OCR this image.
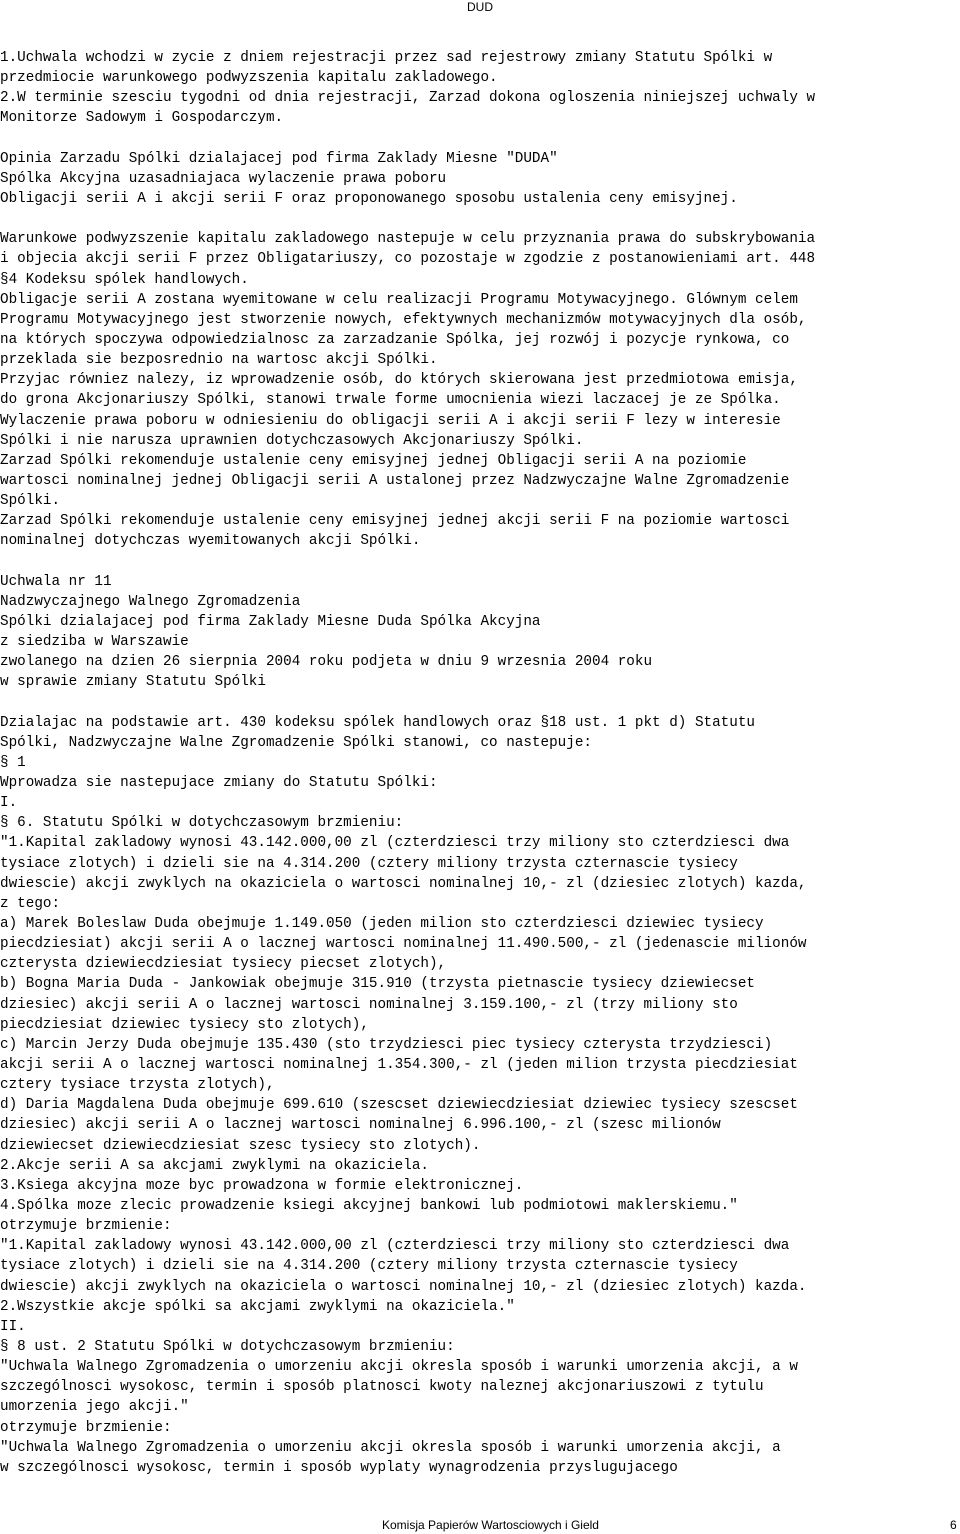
DUD
1.Uchwala wchodzi w zycie z dniem rejestracji przez sad rejestrowy zmiany Statutu Spólki w
przedmiocie warunkowego podwyzszenia kapitalu zakladowego.
2.W terminie szesciu tygodni od dnia rejestracji, Zarzad dokona ogloszenia niniejszej uchwaly w
Monitorze Sadowym i Gospodarczym.
Opinia Zarzadu Spólki dzialajacej pod firma Zaklady Miesne "DUDA"
Spólka Akcyjna uzasadniajaca wylaczenie prawa poboru
Obligacji serii A i akcji serii F oraz proponowanego sposobu ustalenia ceny emisyjnej.
Warunkowe podwyzszenie kapitalu zakladowego nastepuje w celu przyznania prawa do subskrybowania
i objecia akcji serii F przez Obligatariuszy, co pozostaje w zgodzie z postanowieniami art. 448
§4 Kodeksu spólek handlowych.
Obligacje serii A zostana wyemitowane w celu realizacji Programu Motywacyjnego. Glównym celem
Programu Motywacyjnego jest stworzenie nowych, efektywnych mechanizmów motywacyjnych dla osób,
na których spoczywa odpowiedzialnosc za zarzadzanie Spólka, jej rozwój i pozycje rynkowa, co
przeklada sie bezposrednio na wartosc akcji Spólki.
Przyjac równiez nalezy, iz wprowadzenie osób, do których skierowana jest przedmiotowa emisja,
do grona Akcjonariuszy Spólki, stanowi trwale forme umocnienia wiezi laczacej je ze Spólka.
Wylaczenie prawa poboru w odniesieniu do obligacji serii A i akcji serii F lezy w interesie
Spólki i nie narusza uprawnien dotychczasowych Akcjonariuszy Spólki.
Zarzad Spólki rekomenduje ustalenie ceny emisyjnej jednej Obligacji serii A na poziomie
wartosci nominalnej jednej Obligacji serii A ustalonej przez Nadzwyczajne Walne Zgromadzenie
Spólki.
Zarzad Spólki rekomenduje ustalenie ceny emisyjnej jednej akcji serii F na poziomie wartosci
nominalnej dotychczas wyemitowanych akcji Spólki.
Uchwala nr 11
Nadzwyczajnego Walnego Zgromadzenia
Spólki dzialajacej pod firma Zaklady Miesne Duda Spólka Akcyjna
z siedziba w Warszawie
zwolanego na dzien 26 sierpnia 2004 roku podjeta w dniu 9 wrzesnia 2004 roku
w sprawie zmiany Statutu Spólki
Dzialajac na podstawie art. 430 kodeksu spólek handlowych oraz §18 ust. 1 pkt d) Statutu
Spólki, Nadzwyczajne Walne Zgromadzenie Spólki stanowi, co nastepuje:
§ 1
Wprowadza sie nastepujace zmiany do Statutu Spólki:
I.
§ 6. Statutu Spólki w dotychczasowym brzmieniu:
"1.Kapital zakladowy wynosi 43.142.000,00 zl (czterdziesci trzy miliony sto czterdziesci dwa
tysiace zlotych) i dzieli sie na 4.314.200 (cztery miliony trzysta czternascie tysiecy
dwiescie) akcji zwyklych na okaziciela o wartosci nominalnej 10,- zl (dziesiec zlotych) kazda,
z tego:
a) Marek Boleslaw Duda obejmuje 1.149.050 (jeden milion sto czterdziesci dziewiec tysiecy
piecdziesiat) akcji serii A o lacznej wartosci nominalnej 11.490.500,- zl (jedenascie milionów
czterysta dziewiecdziesiat tysiecy piecset zlotych),
b) Bogna Maria Duda - Jankowiak obejmuje 315.910 (trzysta pietnascie tysiecy dziewiecset
dziesiec) akcji serii A o lacznej wartosci nominalnej 3.159.100,- zl (trzy miliony sto
piecdziesiat dziewiec tysiecy sto zlotych),
c) Marcin Jerzy Duda obejmuje 135.430 (sto trzydziesci piec tysiecy czterysta trzydziesci)
akcji serii A o lacznej wartosci nominalnej 1.354.300,- zl (jeden milion trzysta piecdziesiat
cztery tysiace trzysta zlotych),
d) Daria Magdalena Duda obejmuje 699.610 (szescset dziewiecdziesiat dziewiec tysiecy szescset
dziesiec) akcji serii A o lacznej wartosci nominalnej 6.996.100,- zl (szesc milionów
dziewiecset dziewiecdziesiat szesc tysiecy sto zlotych).
2.Akcje serii A sa akcjami zwyklymi na okaziciela.
3.Ksiega akcyjna moze byc prowadzona w formie elektronicznej.
4.Spólka moze zlecic prowadzenie ksiegi akcyjnej bankowi lub podmiotowi maklerskiemu."
otrzymuje brzmienie:
"1.Kapital zakladowy wynosi 43.142.000,00 zl (czterdziesci trzy miliony sto czterdziesci dwa
tysiace zlotych) i dzieli sie na 4.314.200 (cztery miliony trzysta czternascie tysiecy
dwiescie) akcji zwyklych na okaziciela o wartosci nominalnej 10,- zl (dziesiec zlotych) kazda.
2.Wszystkie akcje spólki sa akcjami zwyklymi na okaziciela."
II.
§ 8 ust. 2 Statutu Spólki w dotychczasowym brzmieniu:
"Uchwala Walnego Zgromadzenia o umorzeniu akcji okresla sposób i warunki umorzenia akcji, a w
szczególnosci wysokosc, termin i sposób platnosci kwoty naleznej akcjonariuszowi z tytulu
umorzenia jego akcji."
otrzymuje brzmienie:
"Uchwala Walnego Zgromadzenia o umorzeniu akcji okresla sposób i warunki umorzenia akcji, a
w szczególnosci wysokosc, termin i sposób wyplaty wynagrodzenia przyslugujacego
Komisja Papierów Wartosciowych i Gield	6
